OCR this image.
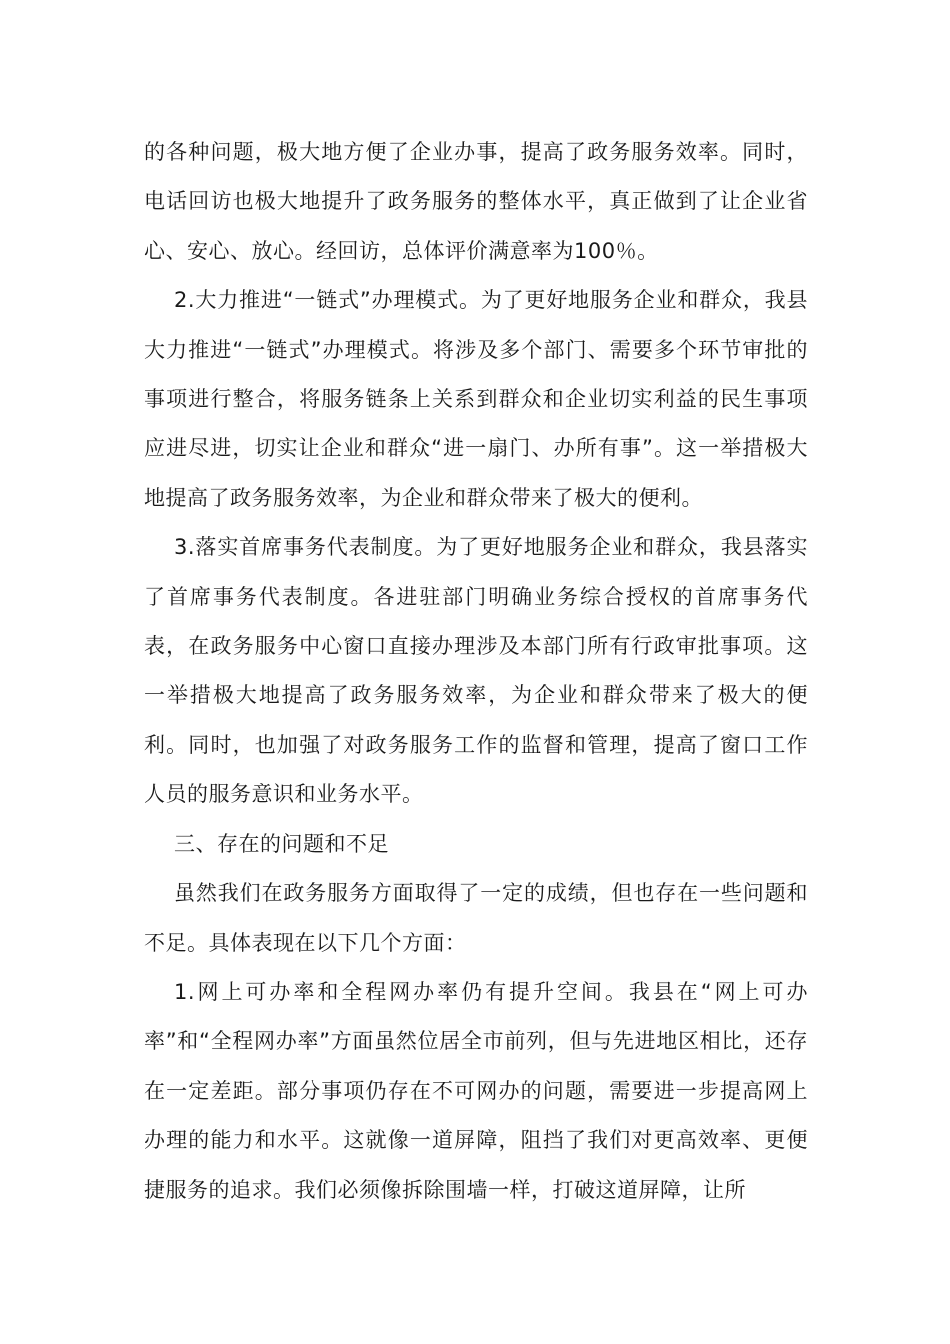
的各种问题，极大地方便了企业办事，提高了政务服务效率。同时，电话回访也极大地提升了政务服务的整体水平，真正做到了让企业省心、安心、放心。经回访，总体评价满意率为100％。

2.大力推进“一链式”办理模式。为了更好地服务企业和群众，我县大力推进“一链式”办理模式。将涉及多个部门、需要多个环节审批的事项进行整合，将服务链条上关系到群众和企业切实利益的民生事项应进尽进，切实让企业和群众“进一扇门、办所有事”。这一举措极大地提高了政务服务效率，为企业和群众带来了极大的便利。

3.落实首席事务代表制度。为了更好地服务企业和群众，我县落实了首席事务代表制度。各进驻部门明确业务综合授权的首席事务代表，在政务服务中心窗口直接办理涉及本部门所有行政审批事项。这一举措极大地提高了政务服务效率，为企业和群众带来了极大的便利。同时，也加强了对政务服务工作的监督和管理，提高了窗口工作人员的服务意识和业务水平。

三、存在的问题和不足

虽然我们在政务服务方面取得了一定的成绩，但也存在一些问题和不足。具体表现在以下几个方面：

1.网上可办率和全程网办率仍有提升空间。我县在“网上可办率”和“全程网办率”方面虽然位居全市前列，但与先进地区相比，还存在一定差距。部分事项仍存在不可网办的问题，需要进一步提高网上办理的能力和水平。这就像一道屏障，阻挡了我们对更高效率、更便捷服务的追求。我们必须像拆除围墙一样，打破这道屏障，让所
